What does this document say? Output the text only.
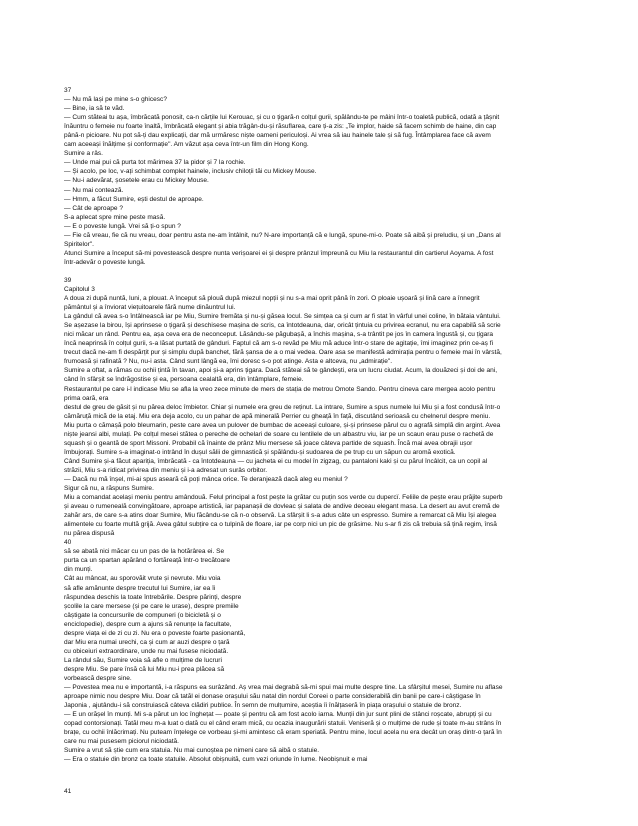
37
— Nu mă lași pe mine s-o ghicesc?
— Bine, ia să te văd.
— Cum stăteai tu așa, îmbrăcată ponosit, ca-n cărțile lui Kerouac, și cu o țigară-n colțul gurii, spălându-te pe mâini într-o toaletă publică, odată a țâșnit
înăuntru o femeie nu foarte înaltă, îmbrăcată elegant și abia trăgân-du-și răsuflarea, care ți-a zis: „Te implor, haide să facem schimb de haine, din cap
până-n picioare. Nu pot să-ți dau explicații, dar mă urmăresc niște oameni periculoși. Ai vrea să iau hainele tale și să fug. Întâmplarea face că avem
cam aceeași înălțime și conformație". Am văzut așa ceva într-un film din Hong Kong.
Sumire a râs.
— Unde mai pui că purta tot mărimea 37 la pidor și 7 la rochie.
— Și acolo, pe loc, v-ați schimbat complet hainele, inclusiv chiloții tăi cu Mickey Mouse.
— Nu-i adevărat, șosetele erau cu Mickey Mouse.
— Nu mai contează.
— Hmm, a făcut Sumire, ești destul de aproape.
— Cât de aproape ?
S-a aplecat spre mine peste masă.
— E o poveste lungă. Vrei să ți-o spun ?
— Fie că vreau, fie că nu vreau, doar pentru asta ne-am întâlnit, nu? N-are importanță că e lungă, spune-mi-o. Poate să aibă și preludiu, și un „Dans al
Spiritelor".
Atunci Sumire a început să-mi povestească despre nunta verișoarei ei și despre prânzul împreună cu Miu la restaurantul din cartierul Aoyama. A fost
într-adevăr o poveste lungă.
39
Capitolul 3
A doua zi după nuntă, luni, a plouat. A început să plouă după miezul nopții și nu s-a mai oprit până în zori. O ploaie ușoară și lină care a înnegrit
pământul și a înviorat viețuitoarele fără nume dinăuntrul lui.
La gândul că avea s-o întâlnească iar pe Miu, Sumire fremăta și nu-și găsea locul. Se simțea ca și cum ar fi stat în vârful unei coline, în bătaia vântului.
Se așezase la birou, își aprinsese o țigară și deschisese mașina de scris, ca întotdeauna, dar, oricât țintuia cu privirea ecranul, nu era capabilă să scrie
nici măcar un rând. Pentru ea, așa ceva era de neconceput. Lăsându-se păgubașă, a închis mașina, s-a trântit pe jos în camera îngustă și, cu țigara
încă neaprinsă în colțul gurii, s-a lăsat purtată de gânduri. Faptul că am s-o revăd pe Miu mă aduce într-o stare de agitație, îmi imaginez prin ce-aș fi
trecut dacă ne-am fi despărțit pur și simplu după banchet, fără șansa de a o mai vedea. Oare asa se manifestă admirația pentru o femeie mai în vârstă,
frumoasă și rafinată ? Nu, nu-i asta. Când sunt lângă ea, îmi doresc s-o pot atinge. Asta e altceva, nu „admirație".
Sumire a oftat, a rămas cu ochii țintă în tavan, apoi și-a aprins țigara. Dacă stăteai să te gândești, era un lucru ciudat. Acum, la douăzeci și doi de ani,
când în sfârșit se îndrăgostise și ea, persoana cealaltă era, din întâmplare, femeie.
Restaurantul pe care i-l indicase Miu se afla la vreo zece minute de mers de stația de metrou Omote Sando. Pentru cineva care mergea acolo pentru
prima oară, era
destul de greu de găsit și nu părea deloc îmbietor. Chiar și numele era greu de reținut. La intrare, Sumire a spus numele lui Miu și a fost condusă într-o
cămăruță micã de la etaj. Miu era deja acolo, cu un pahar de apă minerală Perrier cu gheață în față, discutând serioasă cu chelnerul despre meniu.
Miu purta o cămașă polo bleumarin, peste care avea un pulover de bumbac de aceeași culoare, și-și prinsese părul cu o agrafă simplă din argint. Avea
niște jeansi albi, mulați. Pe colțul mesei stătea o pereche de ochelari de soare cu lentilele de un albastru viu, iar pe un scaun erau puse o rachetă de
squash și o geantă de sport Missoni. Probabil că înainte de prânz Miu mersese să joace câteva partide de squash. Încă mai avea obrajii ușor
îmbujorați. Sumire s-a imaginat-o intrând în dușul sălii de gimnastică și spălându-și sudoarea de pe trup cu un săpun cu aromă exotică.
Când Sumire și-a făcut apariția, îmbrăcată - ca întotdeauna — cu jacheta ei cu model în zigzag, cu pantaloni kaki și cu părul încâlcit, ca un copil al
străzii, Miu s-a ridicat privirea din meniu și i-a adresat un surâs orbitor.
— Dacă nu mă înșel, mi-ai spus aseară că poți mânca orice. Te deranjează dacă aleg eu meniul ?
Sigur că nu, a răspuns Sumire.
Miu a comandat același meniu pentru amândouă. Felul principal a fost pește la grătar cu puțin sos verde cu dupercï. Feliile de pește erau prăjite superb
și aveau o rumeneală convingătoare, aproape artistică, iar papanașii de dovleac și salata de andive deceau elegant masa. La desert au avut cremă de
zahăr ars, de care s-a atins doar Sumire, Miu făcându-se că n-o observă. La sfârșit li s-a adus câte un espresso. Sumire a remarcat că Miu își alegea
alimentele cu foarte multă grijă. Avea gâtul subțire ca o tulpină de floare, iar pe corp nici un pic de grăsime. Nu s-ar fi zis că trebuia să țină regim, însă
nu părea dispusă
40
să se abată nici măcar cu un pas de la hotărârea ei. Se
purta ca un spartan apărând o fortăreață într-o trecătoare
din munți.
Cât au mâncat, au sporovăit vrute și nevrute. Miu voia
să afle amănunte despre trecutul lui Sumire, iar ea îi
răspundea deschis la toate întrebările. Despre părinți, despre
școlile la care mersese (și pe care le urase), despre premiile
câștigate la concursurile de compuneri (o bicicletă și o
enciclopedie), despre cum a ajuns să renunțe la facultate,
despre viața ei de zi cu zi. Nu era o poveste foarte pasionantă,
dar Miu era numai urechi, ca și cum ar auzi despre o țară
cu obiceiuri extraordinare, unde nu mai fusese niciodată.
La rândul său, Sumire voia să afle o mulțime de lucruri
despre Miu. Se pare însă că lui Miu nu-i prea plăcea să
vorbească despre sine.
— Povestea mea nu e importantă, i-a răspuns ea surâzând. Aș vrea mai degrabă să-mi spui mai multe despre tine. La sfârșitul mesei, Sumire nu aflase
aproape nimic nou despre Miu. Doar că tatăl ei donase orașului său natal din nordul Coreei o parte considerabilă din banii pe care-i câștigase în
Japonia , ajutându-i să construiască câteva clădiri publice. În semn de mulțumire, aceștia îi înălțaseră în piața orașului o statuie de bronz.
— E un orășel în munți. Mi s-a părut un loc înghețat — poate și pentru că am fost acolo iarna. Munții din jur sunt plini de stânci roșcate, abrupți și cu
copad contorsionați. Tatăl meu m-a luat o dată cu el când eram mică, cu ocazia inaugurării statuii. Veniseră și o mulțime de rude și toate m-au strâns în
brațe, cu ochii înlăcrimați. Nu puteam înțelege ce vorbeau și-mi amintesc că eram speriată. Pentru mine, locul acela nu era decât un oraș dintr-o țară în
care nu mai pusesem piciorul niciodată.
Sumire a vrut să știe cum era statuia. Nu mai cunoștea pe nimeni care să aibă o statuie.
— Era o statuie din bronz ca toate statuile. Absolut obișnuită, cum vezi oriunde în lume. Neobișnuit e mai
41
